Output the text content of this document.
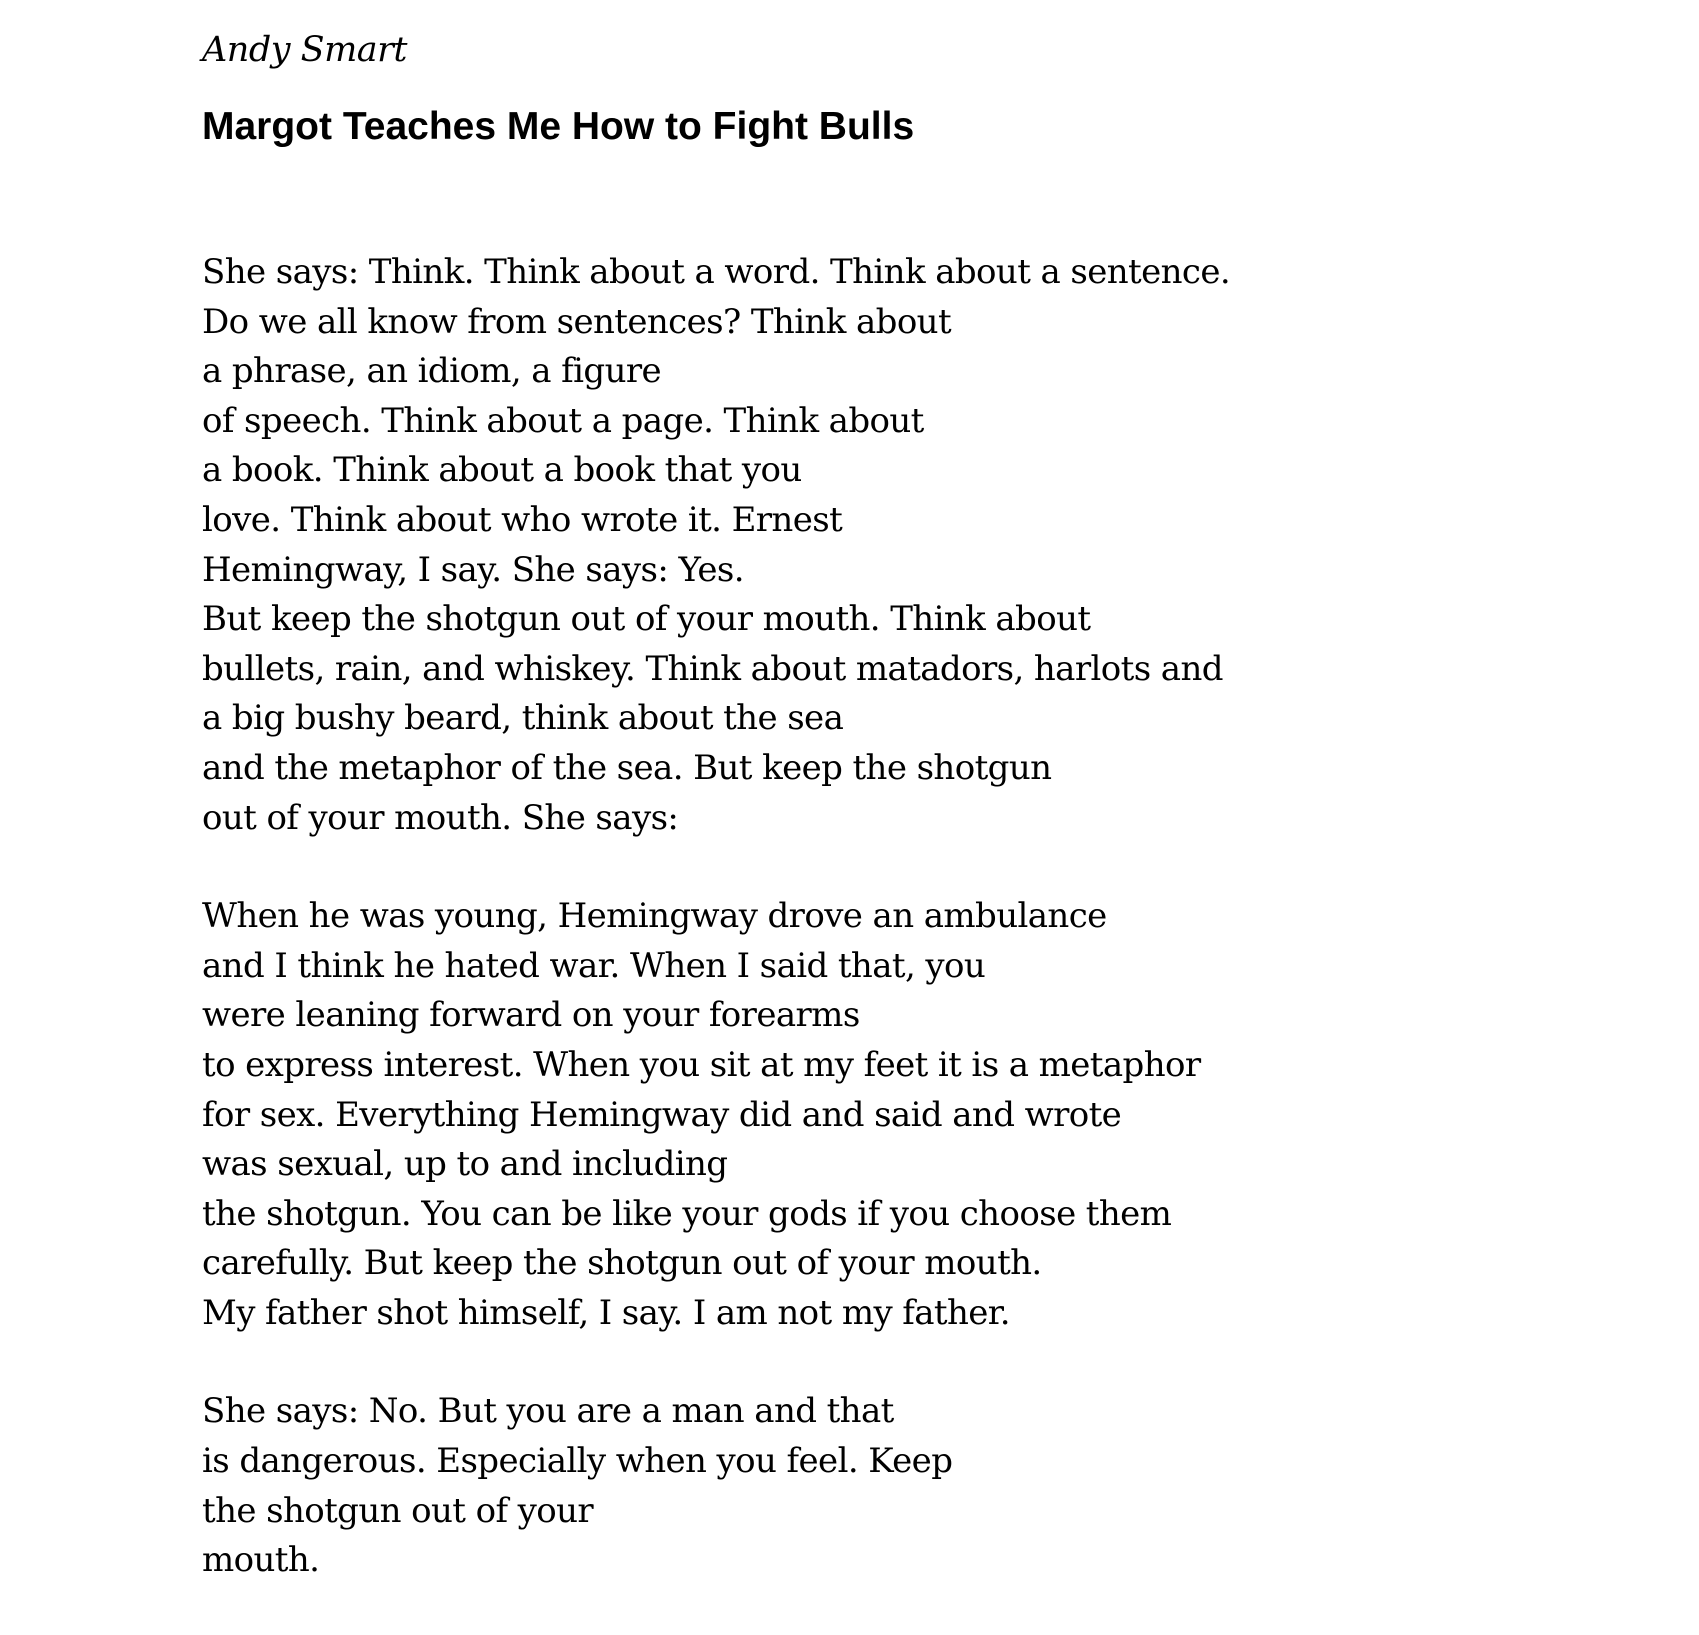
Andy Smart

Margot Teaches Me How to Fight Bulls

She says: Think. Think about a word. Think about a sentence.

Do we all know from sentences? Think about

a phrase, an idiom, a figure

of speech. Think about a page. Think about

a book. Think about a book that you

love. Think about who wrote it. Ernest

Hemingway, I say. She says: Yes.

But keep the shotgun out of your mouth. Think about

bullets, rain, and whiskey. Think about matadors, harlots and

a big bushy beard, think about the sea

and the metaphor of the sea. But keep the shotgun

out of your mouth. She says:

When he was young, Hemingway drove an ambulance

and I think he hated war. When I said that, you

were leaning forward on your forearms

to express interest. When you sit at my feet it is a metaphor

for sex. Everything Hemingway did and said and wrote

was sexual, up to and including

the shotgun. You can be like your gods if you choose them

carefully. But keep the shotgun out of your mouth.

My father shot himself, I say. I am not my father.

She says: No. But you are a man and that

is dangerous. Especially when you feel. Keep

the shotgun out of your

mouth.
